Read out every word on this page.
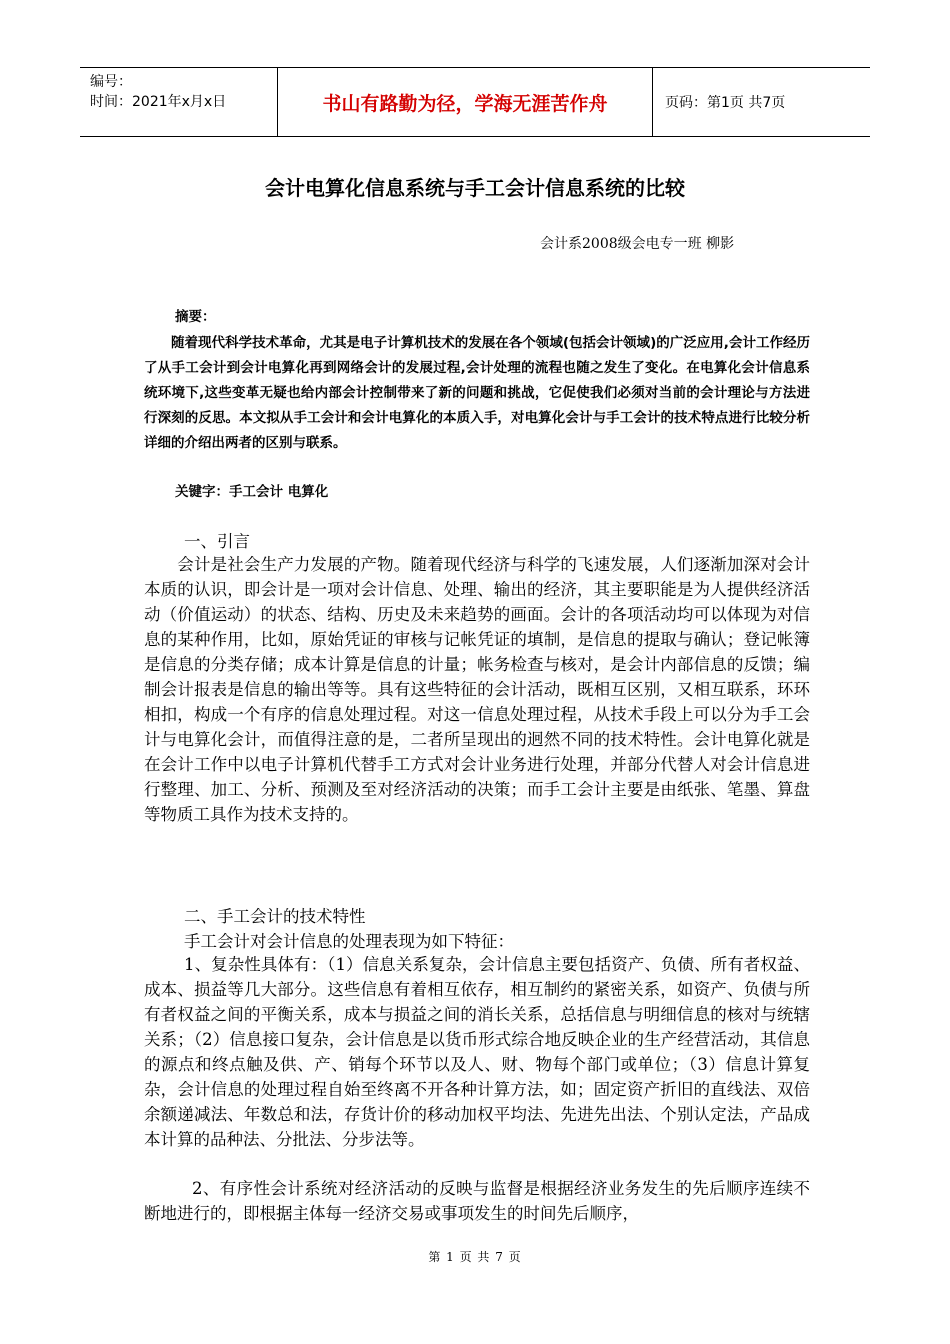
编号：
时间：2021年x月x日	书山有路勤为径，学海无涯苦作舟	页码：第1页 共7页
会计电算化信息系统与手工会计信息系统的比较
会计系2008级会电专一班 柳影
摘要：
　　随着现代科学技术革命，尤其是电子计算机技术的发展在各个领域(包括会计领域)的广泛应用,会计工作经历了从手工会计到会计电算化再到网络会计的发展过程,会计处理的流程也随之发生了变化。在电算化会计信息系统环境下,这些变革无疑也给内部会计控制带来了新的问题和挑战，它促使我们必须对当前的会计理论与方法进行深刻的反思。本文拟从手工会计和会计电算化的本质入手，对电算化会计与手工会计的技术特点进行比较分析详细的介绍出两者的区别与联系。
关键字：手工会计 电算化
一、引言
　　会计是社会生产力发展的产物。随着现代经济与科学的飞速发展，人们逐渐加深对会计本质的认识，即会计是一项对会计信息、处理、输出的经济，其主要职能是为人提供经济活动（价值运动）的状态、结构、历史及未来趋势的画面。会计的各项活动均可以体现为对信息的某种作用，比如，原始凭证的审核与记帐凭证的填制，是信息的提取与确认；登记帐簿是信息的分类存储；成本计算是信息的计量；帐务检查与核对，是会计内部信息的反馈；编制会计报表是信息的输出等等。具有这些特征的会计活动，既相互区别，又相互联系，环环相扣，构成一个有序的信息处理过程。对这一信息处理过程，从技术手段上可以分为手工会计与电算化会计，而值得注意的是，二者所呈现出的迥然不同的技术特性。会计电算化就是在会计工作中以电子计算机代替手工方式对会计业务进行处理，并部分代替人对会计信息进行整理、加工、分析、预测及至对经济活动的决策；而手工会计主要是由纸张、笔墨、算盘等物质工具作为技术支持的。
二、手工会计的技术特性
手工会计对会计信息的处理表现为如下特征：
1、复杂性具体有：（1）信息关系复杂，会计信息主要包括资产、负债、所有者权益、成本、损益等几大部分。这些信息有着相互依存，相互制约的紧密关系，如资产、负债与所有者权益之间的平衡关系，成本与损益之间的消长关系，总括信息与明细信息的核对与统辖关系；（2）信息接口复杂，会计信息是以货币形式综合地反映企业的生产经营活动，其信息 的源点和终点触及供、产、销每个环节以及人、财、物每个部门或单位；（3）信息计算复杂，会计信息的处理过程自始至终离不开各种计算方法，如；固定资产折旧的直线法、双倍余额递减法、年数总和法，存货计价的移动加权平均法、先进先出法、个别认定法，产品成本计算的品种法、分批法、分步法等。
2、有序性会计系统对经济活动的反映与监督是根据经济业务发生的先后顺序连续不断地进行的，即根据主体每一经济交易或事项发生的时间先后顺序，
第 1 页 共 7 页
